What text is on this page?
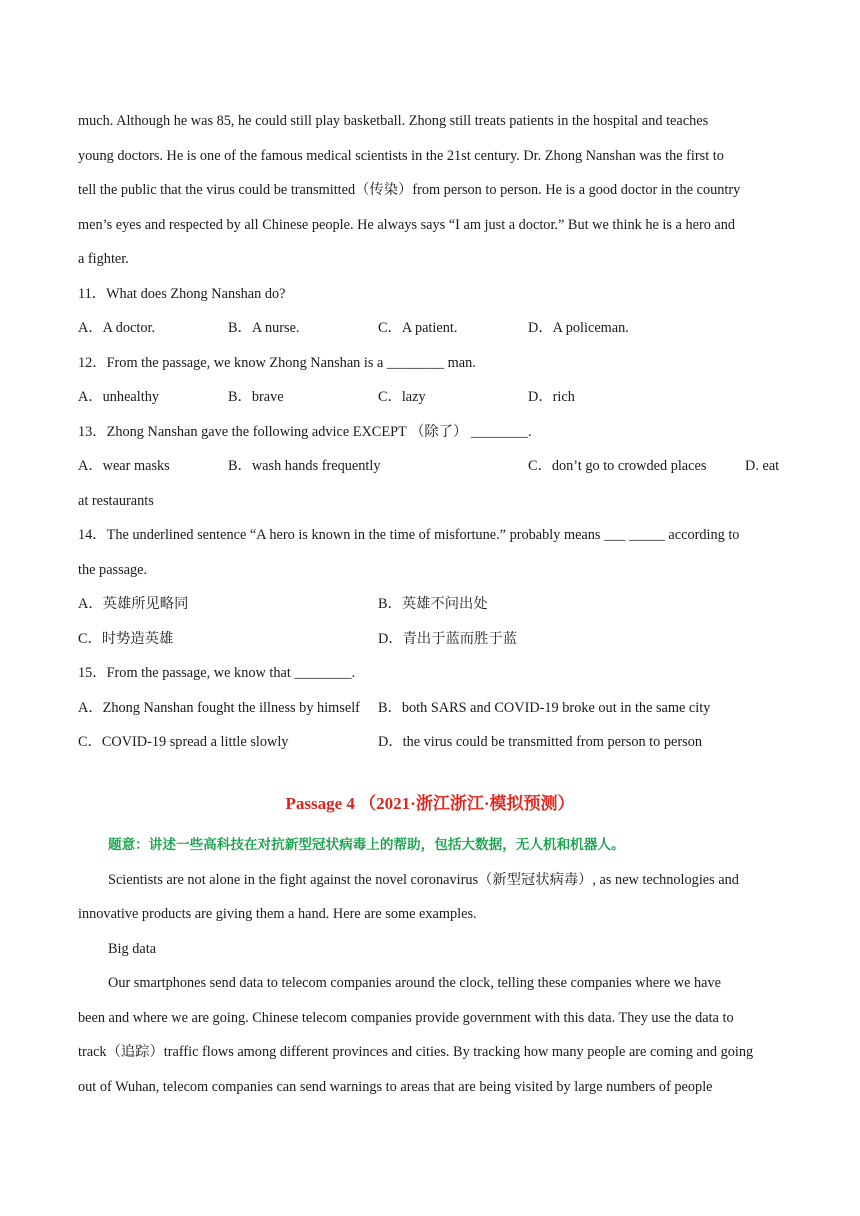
much. Although he was 85, he could still play basketball. Zhong still treats patients in the hospital and teaches
young doctors. He is one of the famous medical scientists in the 21st century. Dr. Zhong Nanshan was the first to
tell the public that the virus could be transmitted（传染）from person to person. He is a good doctor in the country
men’s eyes and respected by all Chinese people. He always says “I am just a doctor.” But we think he is a hero and
a fighter.
11．What does Zhong Nanshan do?
A．A doctor.	B．A nurse.	C．A patient.	D．A policeman.
12．From the passage, we know Zhong Nanshan is a ________ man.
A．unhealthy	B．brave	C．lazy	D．rich
13．Zhong Nanshan gave the following advice EXCEPT （除了） ________.
A．wear masks	B．wash hands frequently	C．don’t go to crowded places	D. eat
at restaurants
14．The underlined sentence “A hero is known in the time of misfortune.” probably means ___ _____ according to
the passage.
A．英雄所见略同	B．英雄不问出处
C．时势造英雄	D．青出于蓝而胜于蓝
15．From the passage, we know that ________.
A．Zhong Nanshan fought the illness by himself B．both SARS and COVID-19 broke out in the same city
C．COVID-19 spread a little slowly	D．the virus could be transmitted from person to person
Passage 4 （2021·浙江浙江·模拟预测）
题意：讲述一些高科技在对抗新型冠状病毒上的帮助，包括大数据，无人机和机器人。
Scientists are not alone in the fight against the novel coronavirus（新型冠状病毒）, as new technologies and
innovative products are giving them a hand. Here are some examples.
Big data
Our smartphones send data to telecom companies around the clock, telling these companies where we have
been and where we are going. Chinese telecom companies provide government with this data. They use the data to
track（追踪）traffic flows among different provinces and cities. By tracking how many people are coming and going
out of Wuhan, telecom companies can send warnings to areas that are being visited by large numbers of people
